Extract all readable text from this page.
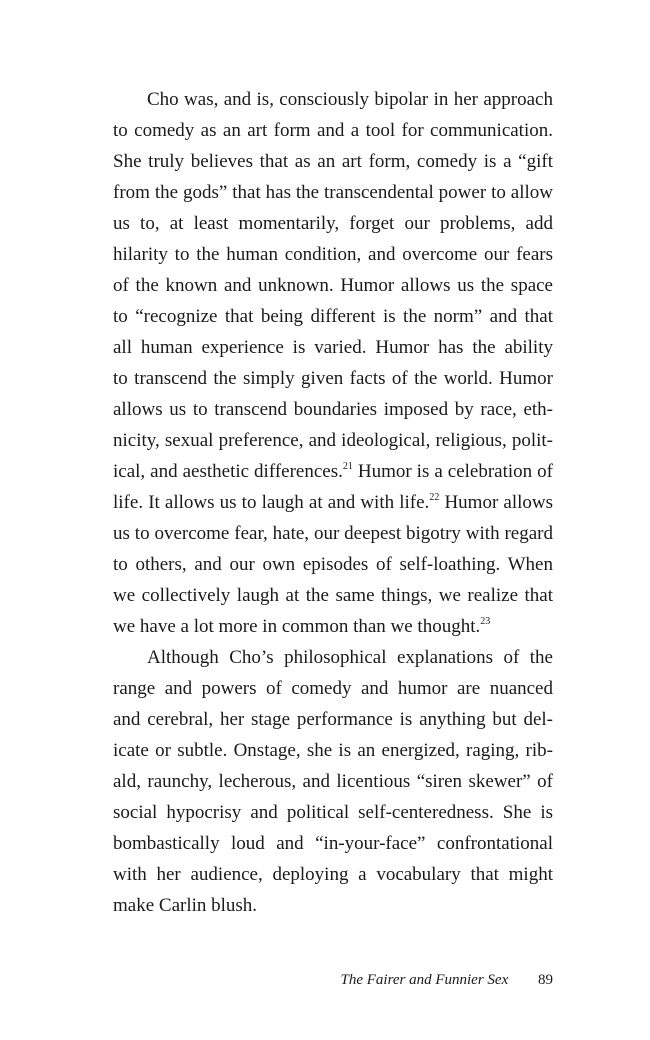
Cho was, and is, consciously bipolar in her approach
to comedy as an art form and a tool for communication.
She truly believes that as an art form, comedy is a “gift
from the gods” that has the transcendental power to allow
us to, at least momentarily, forget our problems, add
hilarity to the human condition, and overcome our fears
of the known and unknown. Humor allows us the space
to “recognize that being different is the norm” and that
all human experience is varied. Humor has the ability
to transcend the simply given facts of the world. Humor
allows us to transcend boundaries imposed by race, eth-
nicity, sexual preference, and ideological, religious, polit-
ical, and aesthetic differences.$^{21}$ Humor is a celebration of
life. It allows us to laugh at and with life.$^{22}$ Humor allows
us to overcome fear, hate, our deepest bigotry with regard
to others, and our own episodes of self-loathing. When
we collectively laugh at the same things, we realize that
we have a lot more in common than we thought.$^{23}$
Although Cho’s philosophical explanations of the
range and powers of comedy and humor are nuanced
and cerebral, her stage performance is anything but del-
icate or subtle. Onstage, she is an energized, raging, rib-
ald, raunchy, lecherous, and licentious “siren skewer” of
social hypocrisy and political self-centeredness. She is
bombastically loud and “in-your-face” confrontational
with her audience, deploying a vocabulary that might
make Carlin blush.
The Fairer and Funnier Sex 89
